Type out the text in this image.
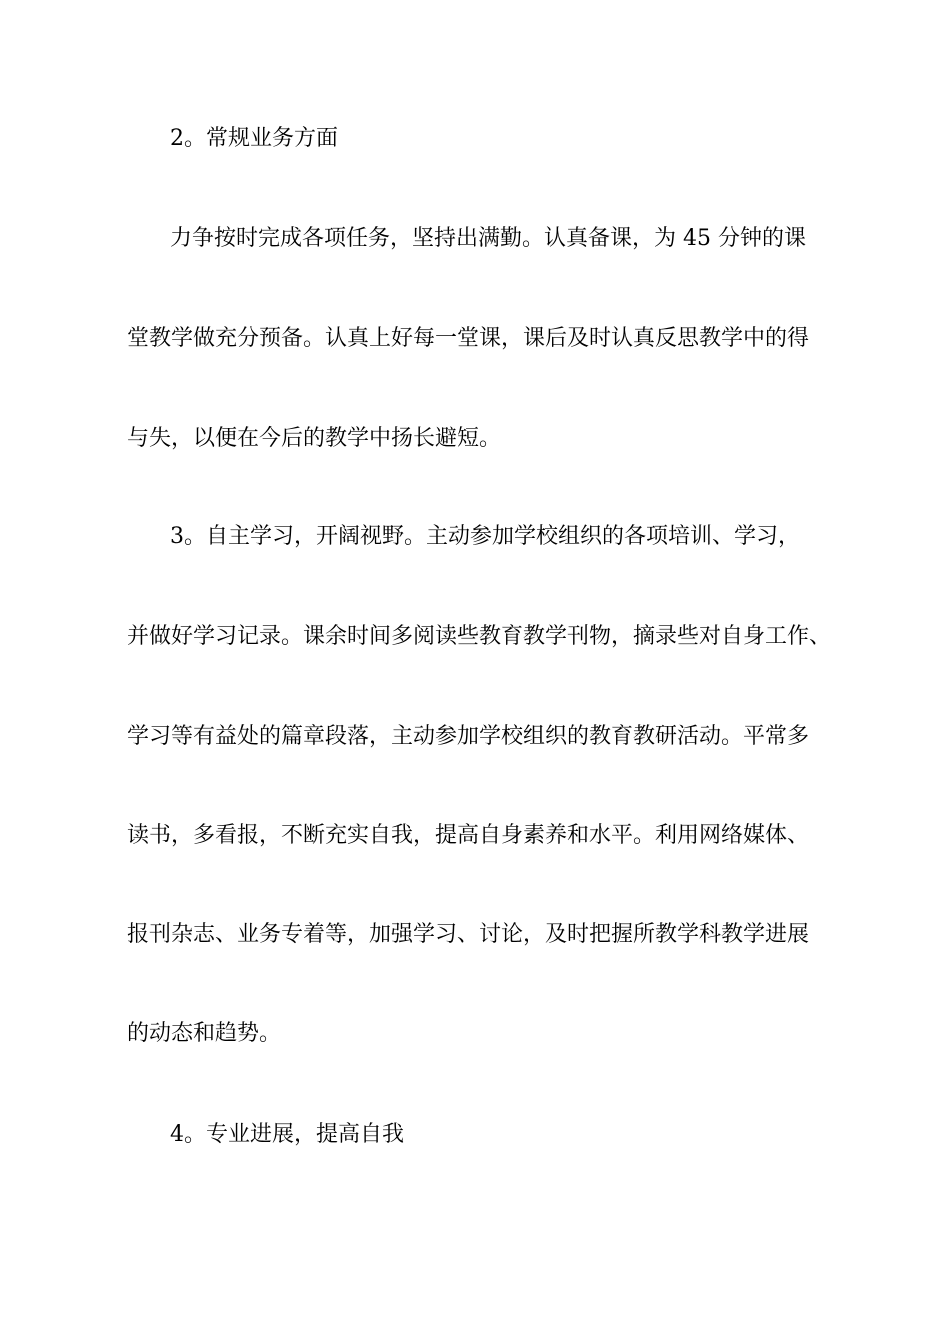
2。常规业务方面
力争按时完成各项任务，坚持出满勤。认真备课，为 45 分钟的课
堂教学做充分预备。认真上好每一堂课，课后及时认真反思教学中的得
与失，以便在今后的教学中扬长避短。
3。自主学习，开阔视野。主动参加学校组织的各项培训、学习，
并做好学习记录。课余时间多阅读些教育教学刊物，摘录些对自身工作、
学习等有益处的篇章段落，主动参加学校组织的教育教研活动。平常多
读书，多看报，不断充实自我，提高自身素养和水平。利用网络媒体、
报刊杂志、业务专着等，加强学习、讨论，及时把握所教学科教学进展
的动态和趋势。
4。专业进展，提高自我
